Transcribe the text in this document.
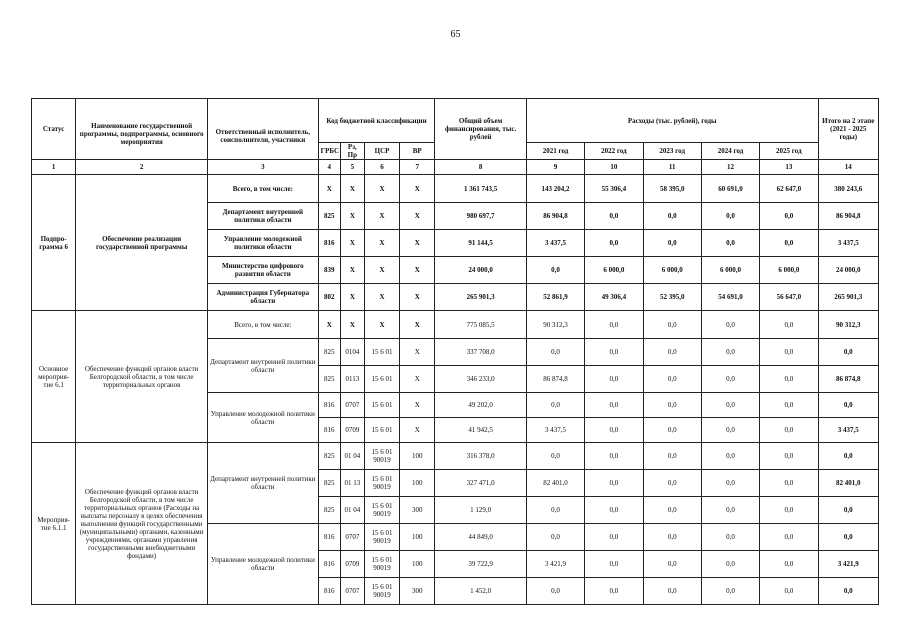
65
Статус	Наименование государственной программы, подпрограммы, основного мероприятия	Ответственный исполнитель, соисполнители, участники	Код бюджетной классификации				Общий объем финансирования, тыс. рублей	Расходы (тыс. рублей), годы					Итого на 2 этапе (2021 - 2025 годы)
			ГРБС	Рз, Пр	ЦСР	ВР		2021 год	2022 год	2023 год	2024 год	2025 год	
1	2	3	4	5	6	7	8	9	10	11	12	13	14
Подпро-грамма 6	Обеспечение реализации государственной программы	Всего, в том числе:	Х	Х	Х	Х	1 361 743,5	143 204,2	55 306,4	58 395,0	60 691,0	62 647,0	380 243,6
		Департамент внутренней политики области	825	Х	Х	Х	980 697,7	86 904,8	0,0	0,0	0,0	0,0	86 904,8
		Управление молодежной политики области	816	Х	Х	Х	91 144,5	3 437,5	0,0	0,0	0,0	0,0	3 437,5
		Министерство цифрового развития области	839	Х	Х	Х	24 000,0	0,0	6 000,0	6 000,0	6 000,0	6 000,0	24 000,0
		Администрация Губернатора области	802	Х	Х	Х	265 901,3	52 861,9	49 306,4	52 395,0	54 691,0	56 647,0	265 901,3
Основное мероприя-тие 6.1	Обеспечение функций органов власти Белгородской области, в том числе территориальных органов	Всего, в том числе:	Х	Х	Х	Х	775 085,5	90 312,3	0,0	0,0	0,0	0,0	90 312,3
		Департамент внутренней политики области	825	0104	15 6 01	Х	337 708,0	0,0	0,0	0,0	0,0	0,0	0,0
			825	0113	15 6 01	Х	346 233,0	86 874,8	0,0	0,0	0,0	0,0	86 874,8
		Управление молодежной политики области	816	0707	15 6 01	Х	49 202,0	0,0	0,0	0,0	0,0	0,0	0,0
			816	0709	15 6 01	Х	41 942,5	3 437,5	0,0	0,0	0,0	0,0	3 437,5
Мероприя-тие 6.1.1	Обеспечение функций органов власти Белгородской области, в том числе территориальных органов (Расходы на выплаты персоналу в целях обеспечения выполнения функций государственными (муниципальными) органами, казенными учреждениями, органами управления государственными внебюджетными фондами)	Департамент внутренней политики области	825	01 04	15 6 01 90019	100	316 378,0	0,0	0,0	0,0	0,0	0,0	0,0
			825	01 13	15 6 01 90019	100	327 471,0	82 401,0	0,0	0,0	0,0	0,0	82 401,0
			825	01 04	15 6 01 90019	300	1 129,0	0,0	0,0	0,0	0,0	0,0	0,0
		Управление молодежной политики области	816	0707	15 6 01 90019	100	44 849,0	0,0	0,0	0,0	0,0	0,0	0,0
			816	0709	15 6 01 90019	100	39 722,9	3 421,9	0,0	0,0	0,0	0,0	3 421,9
			816	0707	15 6 01 90019	300	1 452,0	0,0	0,0	0,0	0,0	0,0	0,0
